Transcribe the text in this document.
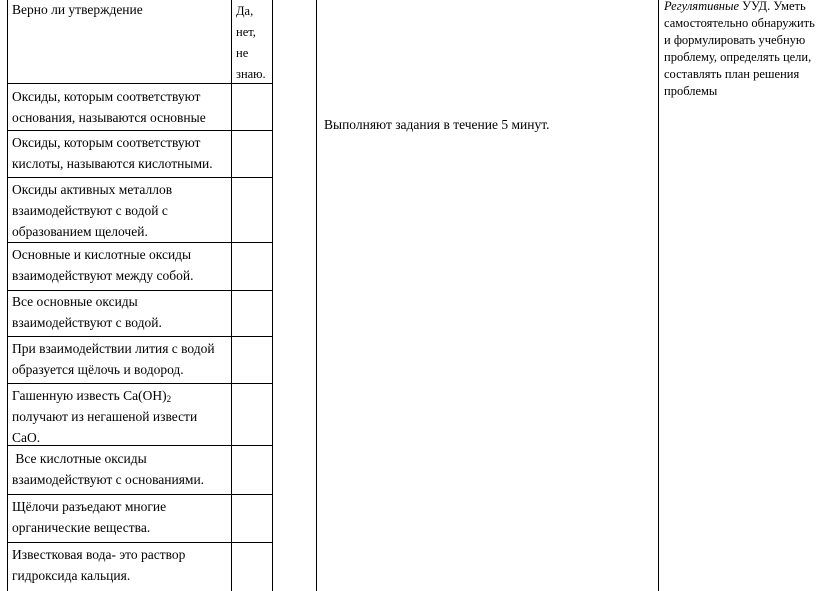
Верно ли утверждение	Да,
нет,
не
знаю.
Оксиды, которым соответствуют
основания, называются основные
Оксиды, которым соответствуют
кислоты, называются кислотными.
Оксиды активных металлов
взаимодействуют с водой с
образованием щелочей.
Основные и кислотные оксиды
взаимодействуют между собой.
Все основные оксиды
взаимодействуют с водой.
При взаимодействии лития с водой
образуется щёлочь и водород.
Гашенную известь $Са(ОН)_2$
получают из негашеной извести
СаО.
Все кислотные оксиды
взаимодействуют с основаниями.
Щёлочи разъедают многие
органические вещества.
Известковая вода- это раствор
гидроксида кальция.
Выполняют задания в течение 5 минут.
Регулятивные УУД. Уметь
самостоятельно обнаружить
и формулировать учебную
проблему, определять цели,
составлять план решения
проблемы
